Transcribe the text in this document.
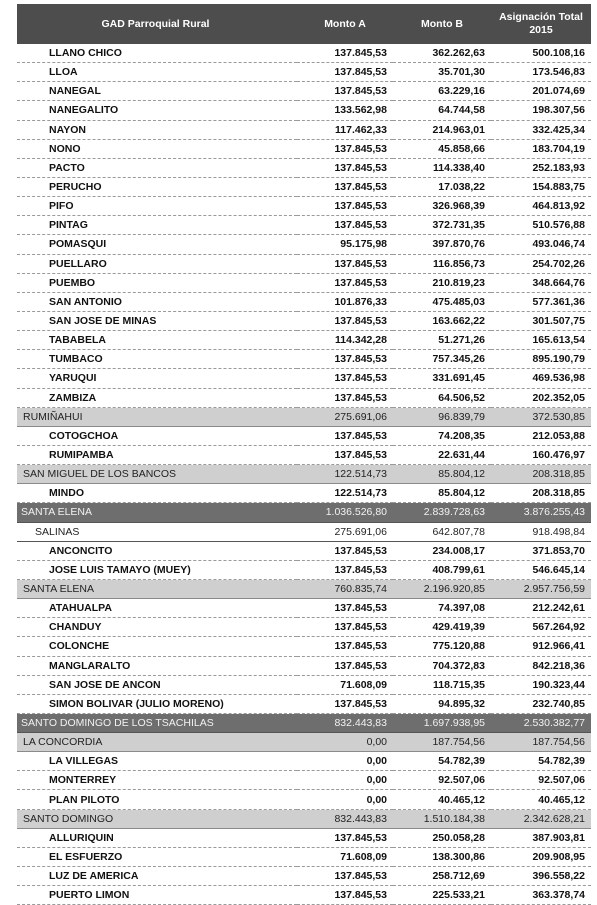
GAD Parroquial Rural	Monto A	Monto B	Asignación Total 2015
LLANO CHICO	137.845,53	362.262,63	500.108,16
LLOA	137.845,53	35.701,30	173.546,83
NANEGAL	137.845,53	63.229,16	201.074,69
NANEGALITO	133.562,98	64.744,58	198.307,56
NAYON	117.462,33	214.963,01	332.425,34
NONO	137.845,53	45.858,66	183.704,19
PACTO	137.845,53	114.338,40	252.183,93
PERUCHO	137.845,53	17.038,22	154.883,75
PIFO	137.845,53	326.968,39	464.813,92
PINTAG	137.845,53	372.731,35	510.576,88
POMASQUI	95.175,98	397.870,76	493.046,74
PUELLARO	137.845,53	116.856,73	254.702,26
PUEMBO	137.845,53	210.819,23	348.664,76
SAN ANTONIO	101.876,33	475.485,03	577.361,36
SAN JOSE DE MINAS	137.845,53	163.662,22	301.507,75
TABABELA	114.342,28	51.271,26	165.613,54
TUMBACO	137.845,53	757.345,26	895.190,79
YARUQUI	137.845,53	331.691,45	469.536,98
ZAMBIZA	137.845,53	64.506,52	202.352,05
RUMIÑAHUI	275.691,06	96.839,79	372.530,85
COTOGCHOA	137.845,53	74.208,35	212.053,88
RUMIPAMBA	137.845,53	22.631,44	160.476,97
SAN MIGUEL DE LOS BANCOS	122.514,73	85.804,12	208.318,85
MINDO	122.514,73	85.804,12	208.318,85
SANTA ELENA	1.036.526,80	2.839.728,63	3.876.255,43
SALINAS	275.691,06	642.807,78	918.498,84
ANCONCITO	137.845,53	234.008,17	371.853,70
JOSE LUIS TAMAYO (MUEY)	137.845,53	408.799,61	546.645,14
SANTA ELENA	760.835,74	2.196.920,85	2.957.756,59
ATAHUALPA	137.845,53	74.397,08	212.242,61
CHANDUY	137.845,53	429.419,39	567.264,92
COLONCHE	137.845,53	775.120,88	912.966,41
MANGLARALTO	137.845,53	704.372,83	842.218,36
SAN JOSE DE ANCON	71.608,09	118.715,35	190.323,44
SIMON BOLIVAR (JULIO MORENO)	137.845,53	94.895,32	232.740,85
SANTO DOMINGO DE LOS TSACHILAS	832.443,83	1.697.938,95	2.530.382,77
LA CONCORDIA	0,00	187.754,56	187.754,56
LA VILLEGAS	0,00	54.782,39	54.782,39
MONTERREY	0,00	92.507,06	92.507,06
PLAN PILOTO	0,00	40.465,12	40.465,12
SANTO DOMINGO	832.443,83	1.510.184,38	2.342.628,21
ALLURIQUIN	137.845,53	250.058,28	387.903,81
EL ESFUERZO	71.608,09	138.300,86	209.908,95
LUZ DE AMERICA	137.845,53	258.712,69	396.558,22
PUERTO LIMON	137.845,53	225.533,21	363.378,74
